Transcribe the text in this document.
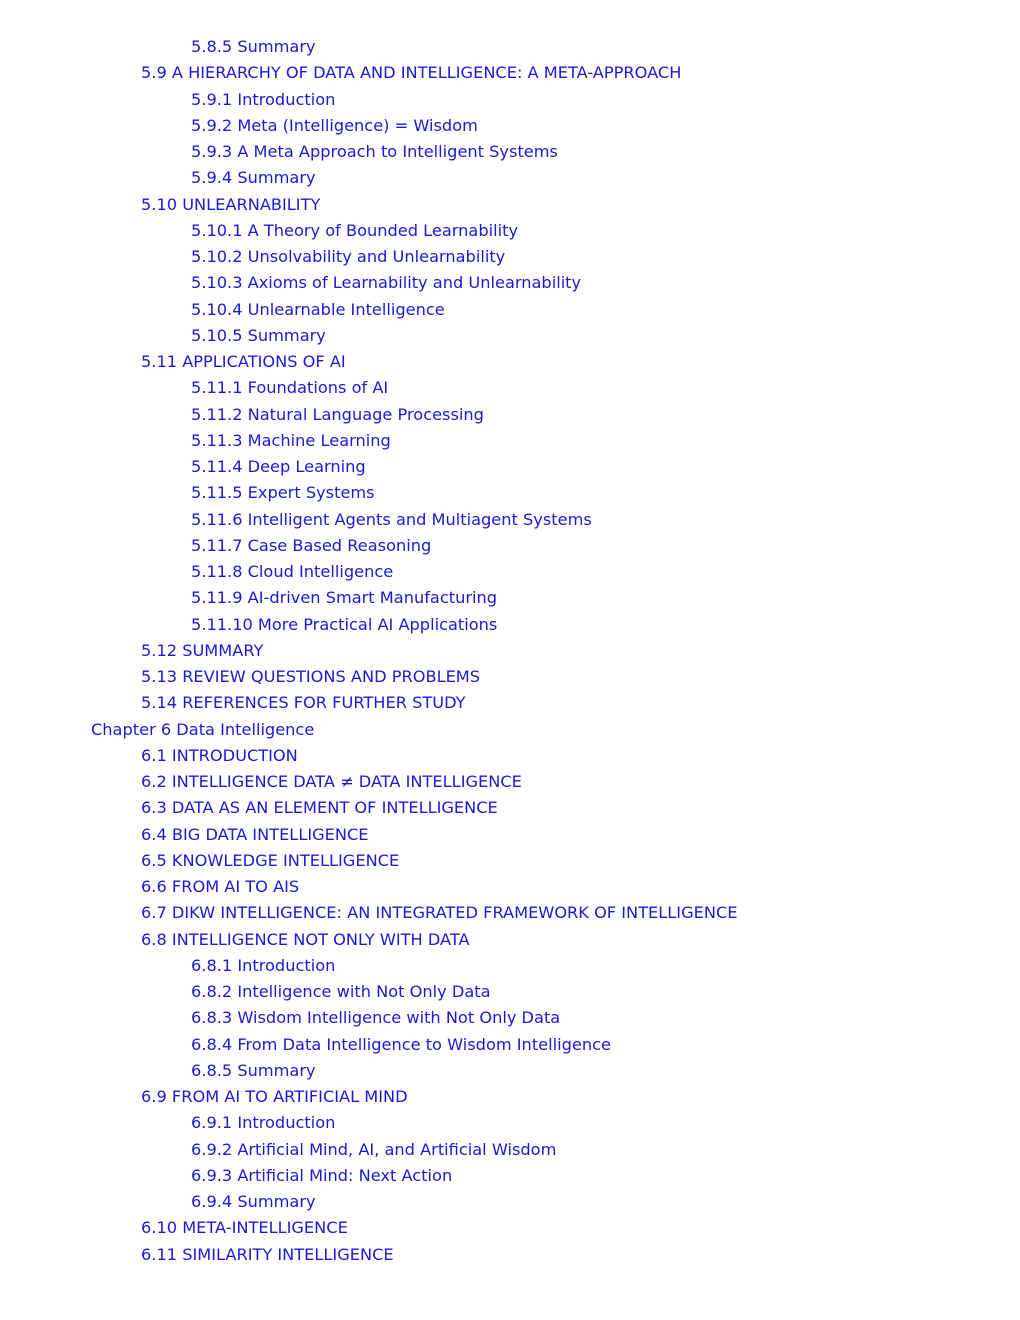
5.8.5 Summary
5.9 A HIERARCHY OF DATA AND INTELLIGENCE: A META-APPROACH
5.9.1 Introduction
5.9.2 Meta (Intelligence) = Wisdom
5.9.3 A Meta Approach to Intelligent Systems
5.9.4 Summary
5.10 UNLEARNABILITY
5.10.1 A Theory of Bounded Learnability
5.10.2 Unsolvability and Unlearnability
5.10.3 Axioms of Learnability and Unlearnability
5.10.4 Unlearnable Intelligence
5.10.5 Summary
5.11 APPLICATIONS OF AI
5.11.1 Foundations of AI
5.11.2 Natural Language Processing
5.11.3 Machine Learning
5.11.4 Deep Learning
5.11.5 Expert Systems
5.11.6 Intelligent Agents and Multiagent Systems
5.11.7 Case Based Reasoning
5.11.8 Cloud Intelligence
5.11.9 AI-driven Smart Manufacturing
5.11.10 More Practical AI Applications
5.12 SUMMARY
5.13 REVIEW QUESTIONS AND PROBLEMS
5.14 REFERENCES FOR FURTHER STUDY
Chapter 6 Data Intelligence
6.1 INTRODUCTION
6.2 INTELLIGENCE DATA ≠ DATA INTELLIGENCE
6.3 DATA AS AN ELEMENT OF INTELLIGENCE
6.4 BIG DATA INTELLIGENCE
6.5 KNOWLEDGE INTELLIGENCE
6.6 FROM AI TO AIS
6.7 DIKW INTELLIGENCE: AN INTEGRATED FRAMEWORK OF INTELLIGENCE
6.8 INTELLIGENCE NOT ONLY WITH DATA
6.8.1 Introduction
6.8.2 Intelligence with Not Only Data
6.8.3 Wisdom Intelligence with Not Only Data
6.8.4 From Data Intelligence to Wisdom Intelligence
6.8.5 Summary
6.9 FROM AI TO ARTIFICIAL MIND
6.9.1 Introduction
6.9.2 Artificial Mind, AI, and Artificial Wisdom
6.9.3 Artificial Mind: Next Action
6.9.4 Summary
6.10 META-INTELLIGENCE
6.11 SIMILARITY INTELLIGENCE
